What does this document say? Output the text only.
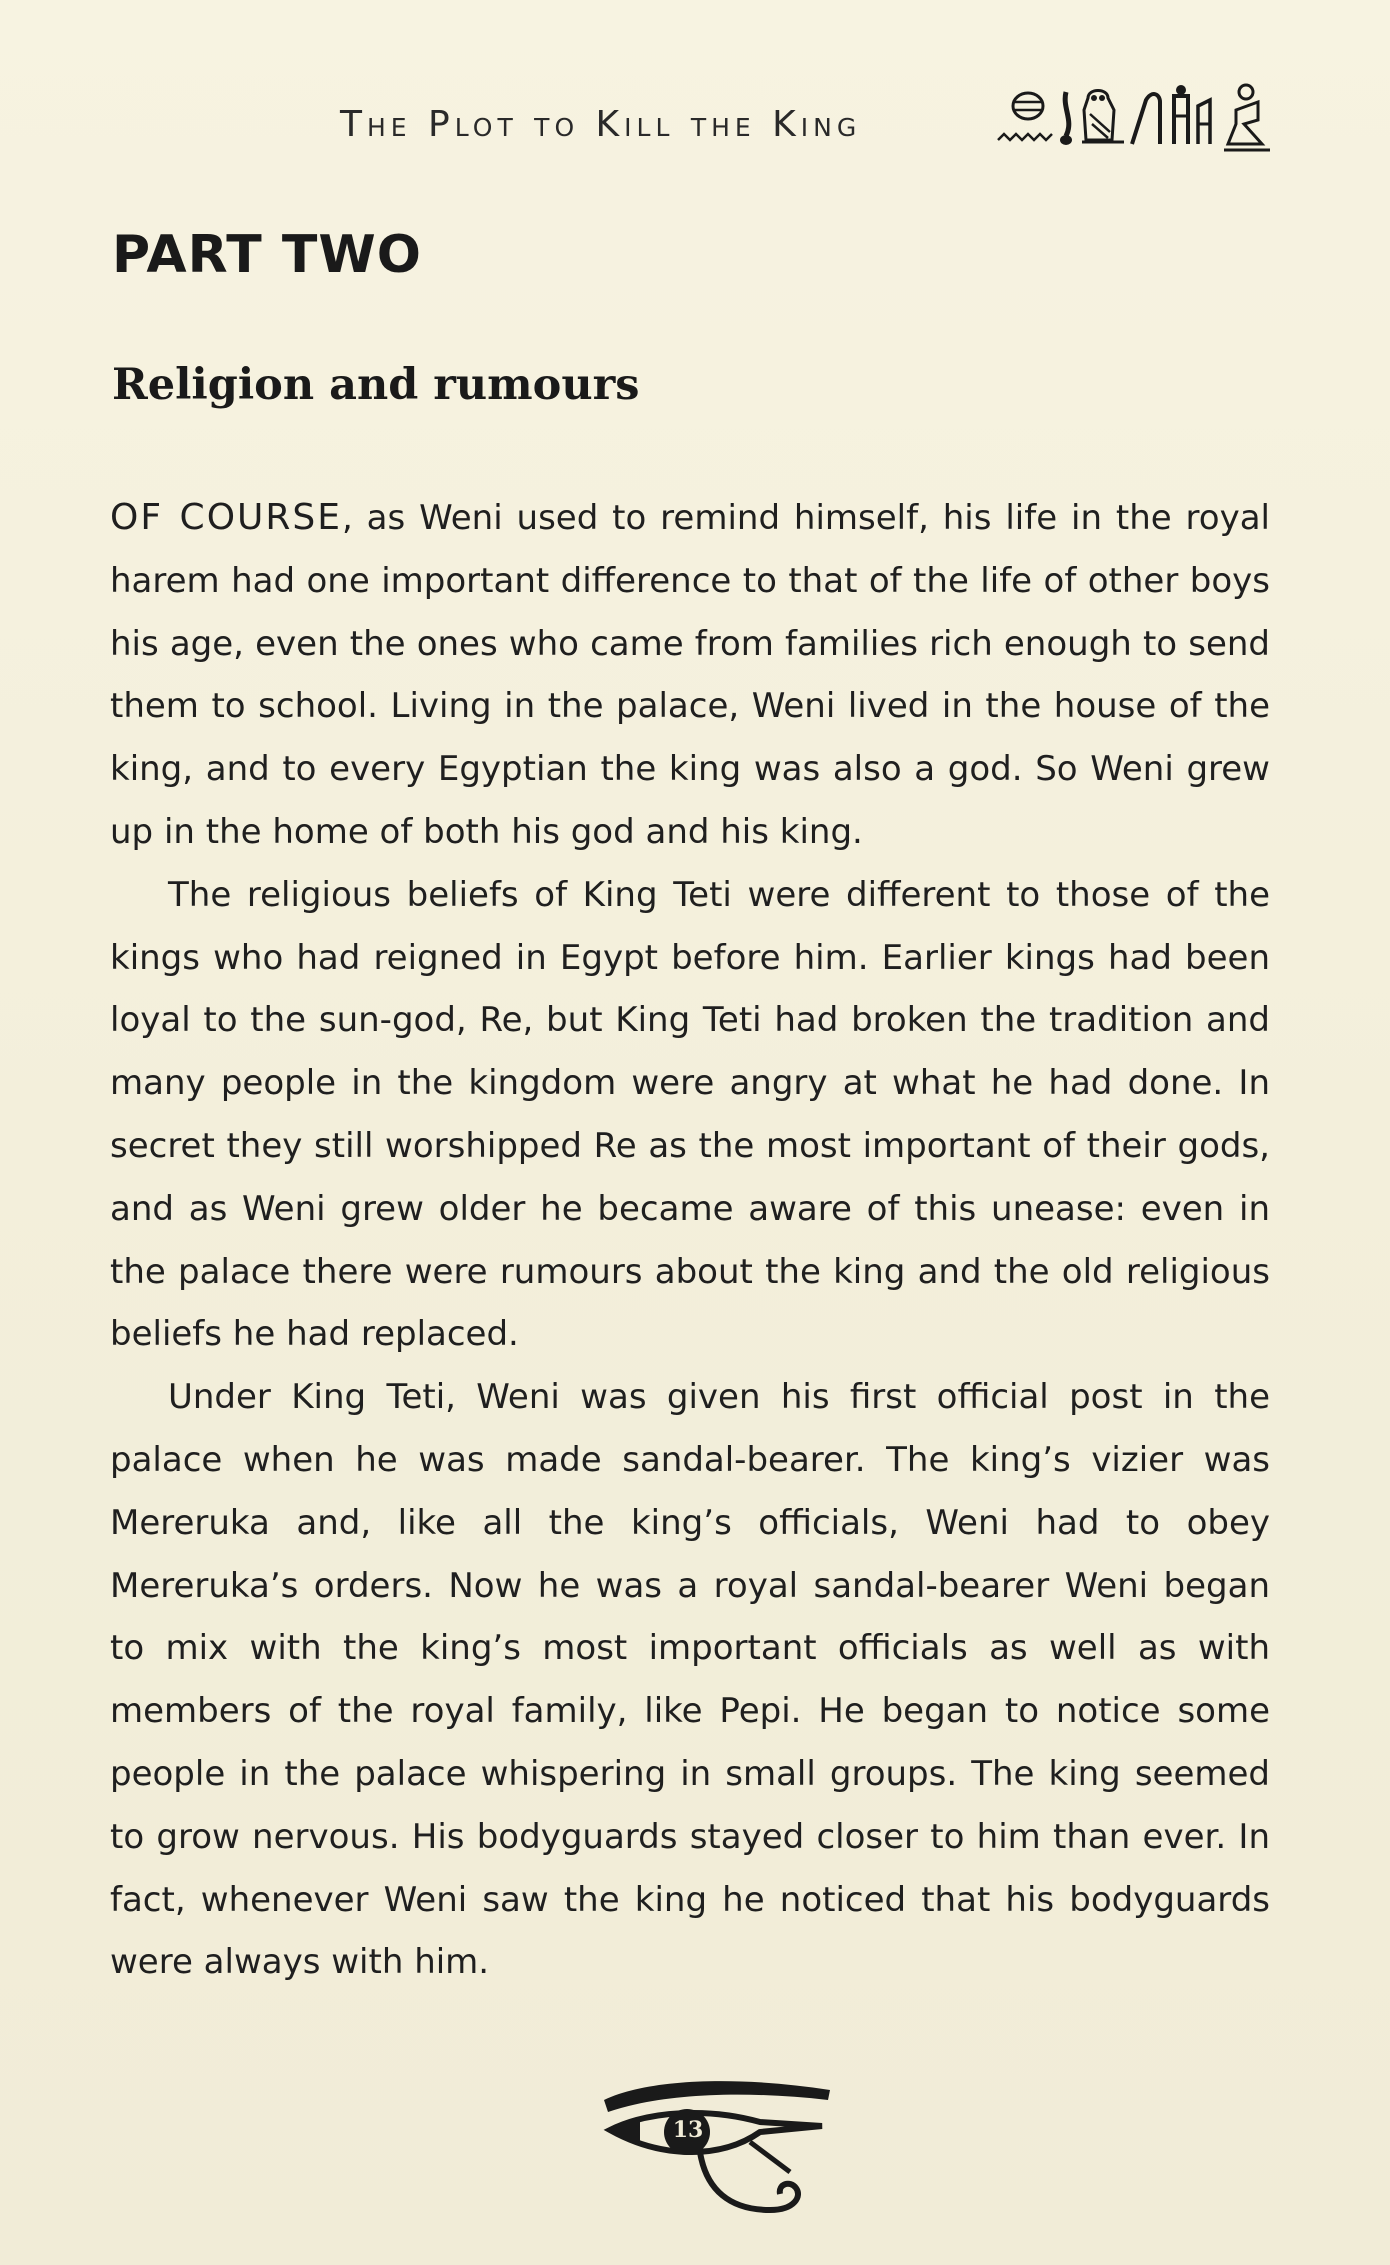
The Plot to Kill the King
PART TWO
Religion and rumours

OF COURSE, as Weni used to remind himself, his life in the royal harem had one important difference to that of the life of other boys his age, even the ones who came from families rich enough to send them to school. Living in the palace, Weni lived in the house of the king, and to every Egyptian the king was also a god. So Weni grew up in the home of both his god and his king.

The religious beliefs of King Teti were different to those of the kings who had reigned in Egypt before him. Earlier kings had been loyal to the sun-god, Re, but King Teti had broken the tradition and many people in the kingdom were angry at what he had done. In secret they still worshipped Re as the most important of their gods, and as Weni grew older he became aware of this unease: even in the palace there were rumours about the king and the old religious beliefs he had replaced.

Under King Teti, Weni was given his first official post in the palace when he was made sandal-bearer. The king’s vizier was Mereruka and, like all the king’s officials, Weni had to obey Mereruka’s orders. Now he was a royal sandal-bearer Weni began to mix with the king’s most important officials as well as with members of the royal family, like Pepi. He began to notice some people in the palace whispering in small groups. The king seemed to grow nervous. His bodyguards stayed closer to him than ever. In fact, whenever Weni saw the king he noticed that his bodyguards were always with him.

13
